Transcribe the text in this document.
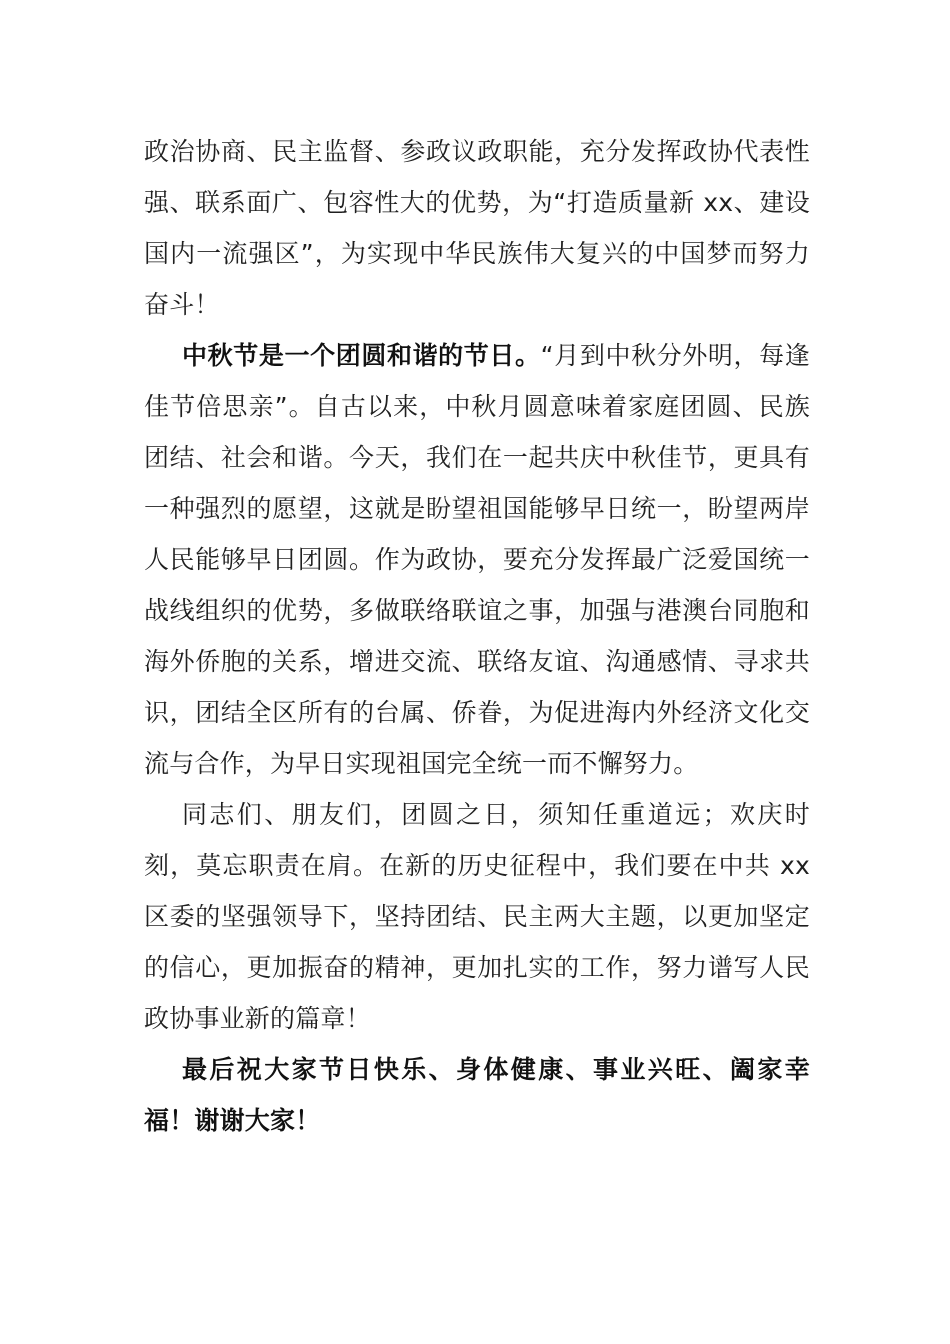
政治协商、民主监督、参政议政职能，充分发挥政协代表性强、联系面广、包容性大的优势，为“打造质量新 xx、建设国内一流强区”，为实现中华民族伟大复兴的中国梦而努力奋斗！

中秋节是一个团圆和谐的节日。“月到中秋分外明，每逢佳节倍思亲”。自古以来，中秋月圆意味着家庭团圆、民族团结、社会和谐。今天，我们在一起共庆中秋佳节，更具有一种强烈的愿望，这就是盼望祖国能够早日统一，盼望两岸人民能够早日团圆。作为政协，要充分发挥最广泛爱国统一战线组织的优势，多做联络联谊之事，加强与港澳台同胞和海外侨胞的关系，增进交流、联络友谊、沟通感情、寻求共识，团结全区所有的台属、侨眷，为促进海内外经济文化交流与合作，为早日实现祖国完全统一而不懈努力。

同志们、朋友们，团圆之日，须知任重道远；欢庆时刻，莫忘职责在肩。在新的历史征程中，我们要在中共 xx 区委的坚强领导下，坚持团结、民主两大主题，以更加坚定的信心，更加振奋的精神，更加扎实的工作，努力谱写人民政协事业新的篇章！

最后祝大家节日快乐、身体健康、事业兴旺、阖家幸福！谢谢大家！
